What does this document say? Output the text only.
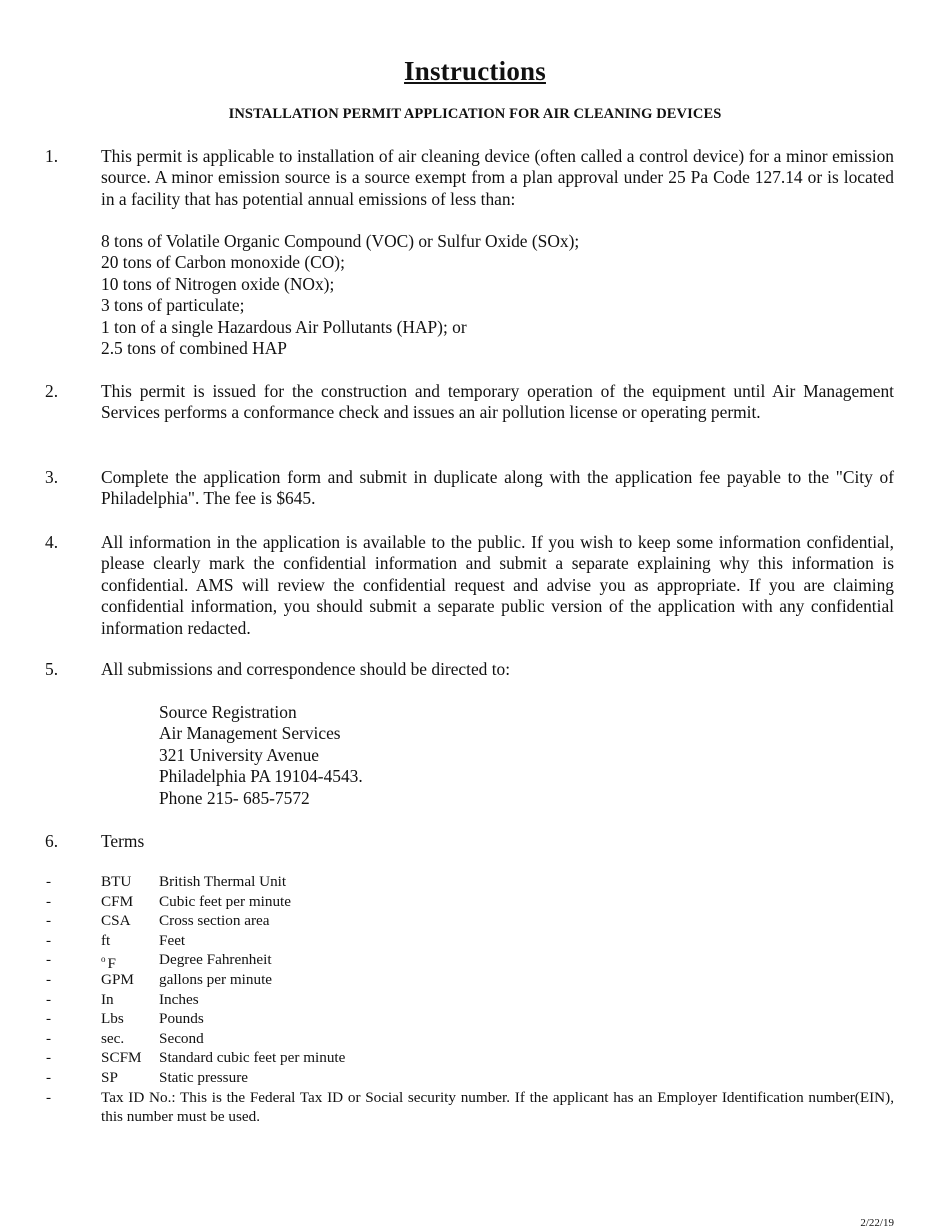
Instructions
INSTALLATION PERMIT APPLICATION FOR AIR CLEANING DEVICES
1.	This permit is applicable to installation of air cleaning device (often called a control device) for a minor emission source. A minor emission source is a source exempt from a plan approval under 25 Pa Code 127.14 or is located in a facility that has potential annual emissions of less than:
8 tons of Volatile Organic Compound (VOC) or Sulfur Oxide (SOx);
20 tons of Carbon monoxide (CO);
10 tons of Nitrogen oxide (NOx);
3 tons of particulate;
1 ton of a single Hazardous Air Pollutants (HAP); or
2.5 tons of combined HAP
2.	This permit is issued for the construction and temporary operation of the equipment until Air Management Services performs a conformance check and issues an air pollution license or operating permit.
3.	Complete the application form and submit in duplicate along with the application fee payable to the "City of Philadelphia". The fee is $645.
4.	All information in the application is available to the public. If you wish to keep some information confidential, please clearly mark the confidential information and submit a separate explaining why this information is confidential. AMS will review the confidential request and advise you as appropriate. If you are claiming confidential information, you should submit a separate public version of the application with any confidential information redacted.
5.	All submissions and correspondence should be directed to:
Source Registration
Air Management Services
321 University Avenue
Philadelphia PA 19104-4543.
Phone 215- 685-7572
6.	Terms
-	BTU British Thermal Unit
-	CFM Cubic feet per minute
-	CSA Cross section area
-	ft	Feet
-	$^o$ F	Degree Fahrenheit
-	GPM gallons per minute
-	In	Inches
-	Lbs Pounds
-	sec. Second
-	SCFM Standard cubic feet per minute
-	SP	Static pressure
-	Tax ID No.: This is the Federal Tax ID or Social security number. If the applicant has an Employer Identification number(EIN), this number must be used.
2/22/19
